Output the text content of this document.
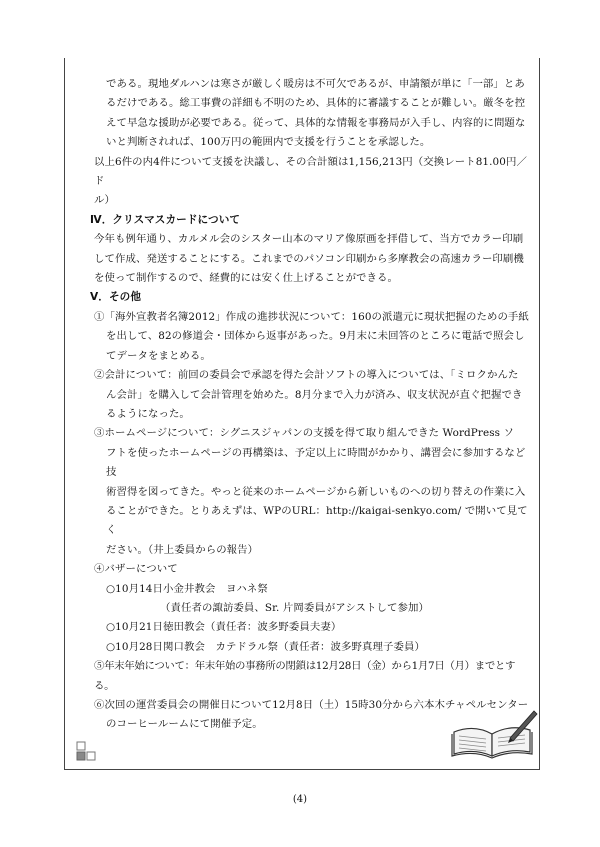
である。現地ダルハンは寒さが厳しく暖房は不可欠であるが、申請額が単に「一部」とあ

るだけである。総工事費の詳細も不明のため、具体的に審議することが難しい。厳冬を控

えて早急な援助が必要である。従って、具体的な情報を事務局が入手し、内容的に問題な

いと判断されれば、100万円の範囲内で支援を行うことを承認した。

以上6件の内4件について支援を決議し、その合計額は1,156,213円（交換レート81.00円／ド

ル）

Ⅳ．クリスマスカードについて

今年も例年通り、カルメル会のシスター山本のマリア像原画を拝借して、当方でカラー印刷

して作成、発送することにする。これまでのパソコン印刷から多摩教会の高速カラー印刷機

を使って制作するので、経費的には安く仕上げることができる。

Ⅴ．その他

①「海外宣教者名簿2012」作成の進捗状況について：160の派遣元に現状把握のための手紙

を出して、82の修道会・団体から返事があった。9月末に未回答のところに電話で照会し

てデータをまとめる。

②会計について：前回の委員会で承認を得た会計ソフトの導入については、「ミロクかんた

ん会計」を購入して会計管理を始めた。8月分まで入力が済み、収支状況が直ぐ把握でき

るようになった。

③ホームページについて：シグニスジャパンの支援を得て取り組んできた WordPress ソ

フトを使ったホームページの再構築は、予定以上に時間がかかり、講習会に参加するなど技

術習得を図ってきた。やっと従来のホームページから新しいものへの切り替えの作業に入

ることができた。とりあえずは、WPのURL：http://kaigai-senkyo.com/ で開いて見てく

ださい。（井上委員からの報告）

④バザーについて

○10月14日小金井教会　ヨハネ祭

（責任者の諏訪委員、Sr. 片岡委員がアシストして参加）

○10月21日徳田教会（責任者：波多野委員夫妻）

○10月28日関口教会　カテドラル祭（責任者：波多野真理子委員）

⑤年末年始について：年末年始の事務所の閉鎖は12月28日（金）から1月7日（月）までとする。

⑥次回の運営委員会の開催日について12月8日（土）15時30分から六本木チャペルセンター

のコーヒールームにて開催予定。

(4)
